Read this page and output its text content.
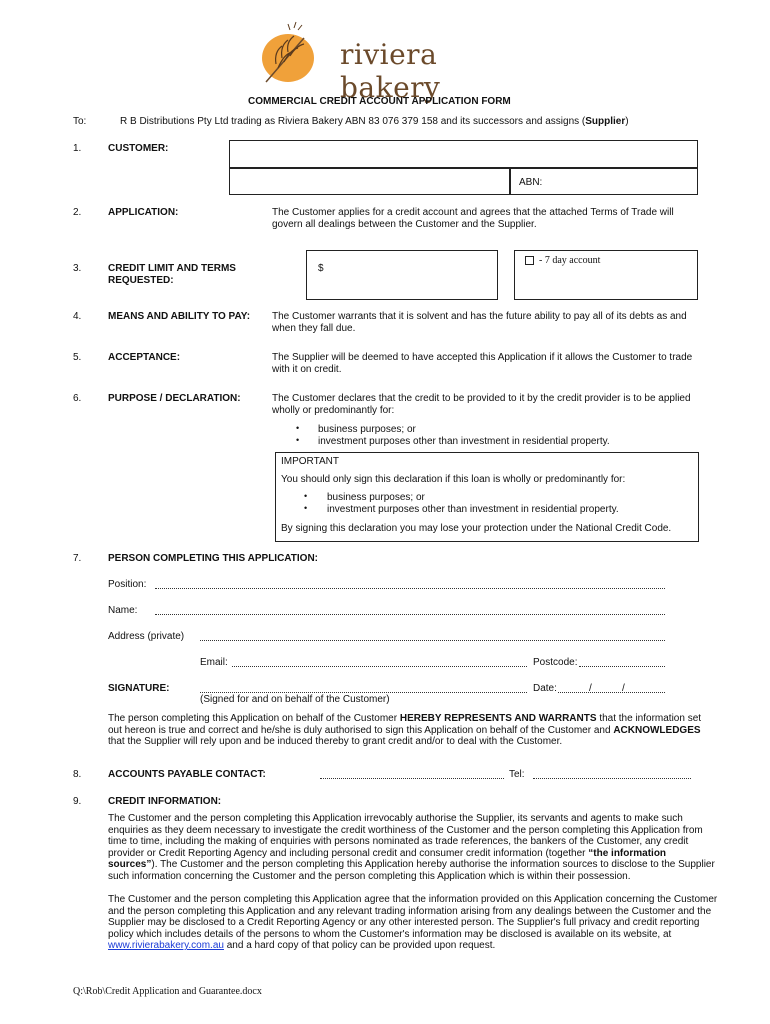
riviera bakery
COMMERCIAL CREDIT ACCOUNT APPLICATION FORM
To:	R B Distributions Pty Ltd trading as Riviera Bakery ABN 83 076 379 158 and its successors and assigns (Supplier)
1.	CUSTOMER:
ABN:
2.	APPLICATION:	The Customer applies for a credit account and agrees that the attached Terms of Trade will govern all dealings between the Customer and the Supplier.
3.	CREDIT LIMIT AND TERMS
REQUESTED:
$
- 7 day account
4.	MEANS AND ABILITY TO PAY: The Customer warrants that it is solvent and has the future ability to pay all of its debts as and when they fall due.
5.	ACCEPTANCE:	The Supplier will be deemed to have accepted this Application if it allows the Customer to trade with it on credit.
6.	PURPOSE / DECLARATION:	The Customer declares that the credit to be provided to it by the credit provider is to be applied wholly or predominantly for:
• business purposes; or
• investment purposes other than investment in residential property.
IMPORTANT
You should only sign this declaration if this loan is wholly or predominantly for:
• business purposes; or
• investment purposes other than investment in residential property.
By signing this declaration you may lose your protection under the National Credit Code.
7.	PERSON COMPLETING THIS APPLICATION:
Position:
Name:
Address (private)
Email:	Postcode:
SIGNATURE:	Date:	/	/
(Signed for and on behalf of the Customer)
The person completing this Application on behalf of the Customer HEREBY REPRESENTS AND WARRANTS that the information set out hereon is true and correct and he/she is duly authorised to sign this Application on behalf of the Customer and ACKNOWLEDGES that the Supplier will rely upon and be induced thereby to grant credit and/or to deal with the Customer.
8.	ACCOUNTS PAYABLE CONTACT:	Tel:
9.	CREDIT INFORMATION:
The Customer and the person completing this Application irrevocably authorise the Supplier, its servants and agents to make such enquiries as they deem necessary to investigate the credit worthiness of the Customer and the person completing this Application from time to time, including the making of enquiries with persons nominated as trade references, the bankers of the Customer, any credit provider or Credit Reporting Agency and including personal credit and consumer credit information (together “the information sources”). The Customer and the person completing this Application hereby authorise the information sources to disclose to the Supplier such information concerning the Customer and the person completing this Application which is within their possession.
The Customer and the person completing this Application agree that the information provided on this Application concerning the Customer and the person completing this Application and any relevant trading information arising from any dealings between the Customer and the Supplier may be disclosed to a Credit Reporting Agency or any other interested person. The Supplier's full privacy and credit reporting policy which includes details of the persons to whom the Customer's information may be disclosed is available on its website, at www.rivierabakery.com.au and a hard copy of that policy can be provided upon request.
Q:\Rob\Credit Application and Guarantee.docx
